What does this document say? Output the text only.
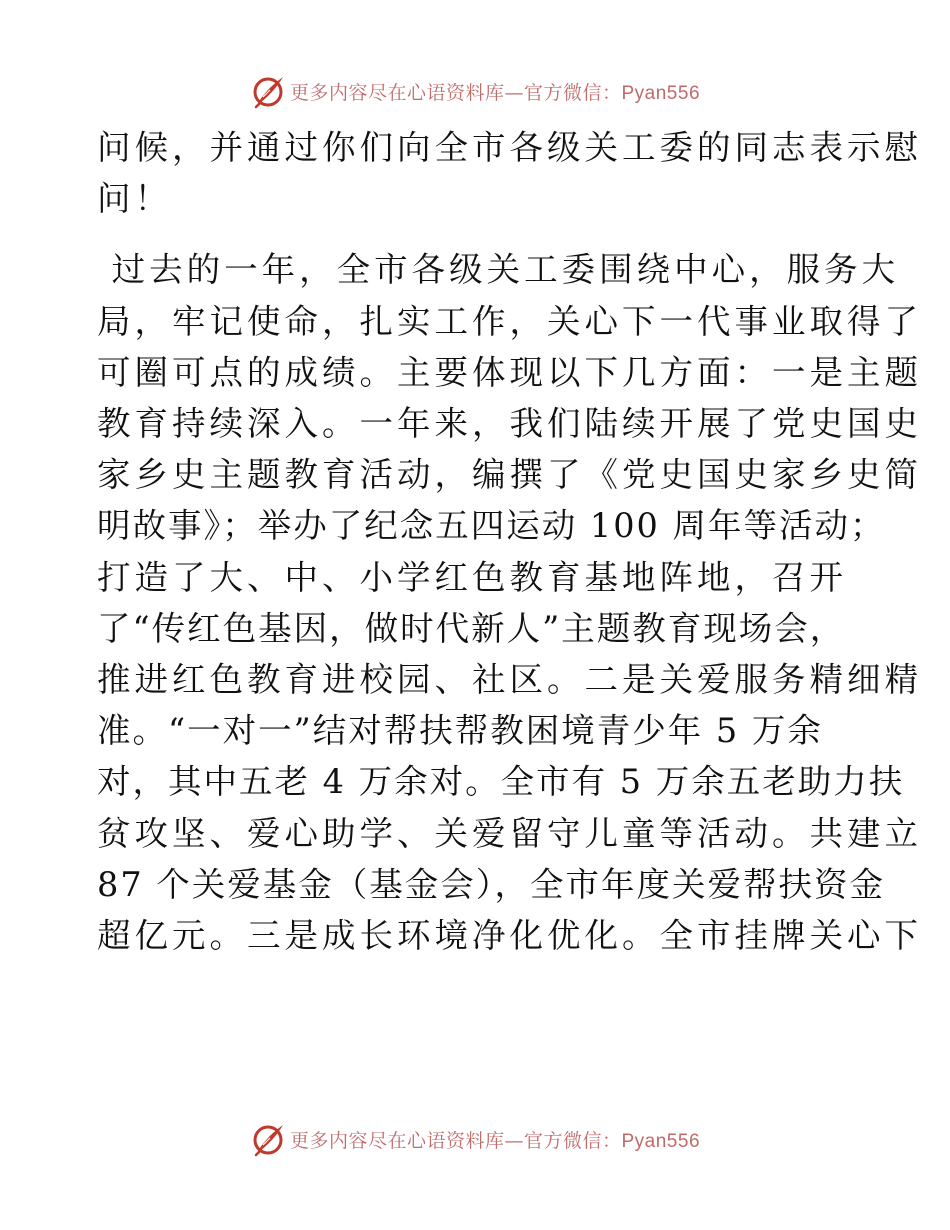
更多内容尽在心语资料库—官方微信：Pyan556

问候，并通过你们向全市各级关工委的同志表示慰
问！

过去的一年，全市各级关工委围绕中心，服务大
局，牢记使命，扎实工作，关心下一代事业取得了
可圈可点的成绩。主要体现以下几方面：一是主题
教育持续深入。一年来，我们陆续开展了党史国史
家乡史主题教育活动，编撰了《党史国史家乡史简
明故事》；举办了纪念五四运动 100 周年等活动；
打造了大、中、小学红色教育基地阵地，召开
了“传红色基因，做时代新人”主题教育现场会，
推进红色教育进校园、社区。二是关爱服务精细精
准。“一对一”结对帮扶帮教困境青少年 5 万余
对，其中五老 4 万余对。全市有 5 万余五老助力扶
贫攻坚、爱心助学、关爱留守儿童等活动。共建立
87 个关爱基金（基金会），全市年度关爱帮扶资金
超亿元。三是成长环境净化优化。全市挂牌关心下

更多内容尽在心语资料库—官方微信：Pyan556
